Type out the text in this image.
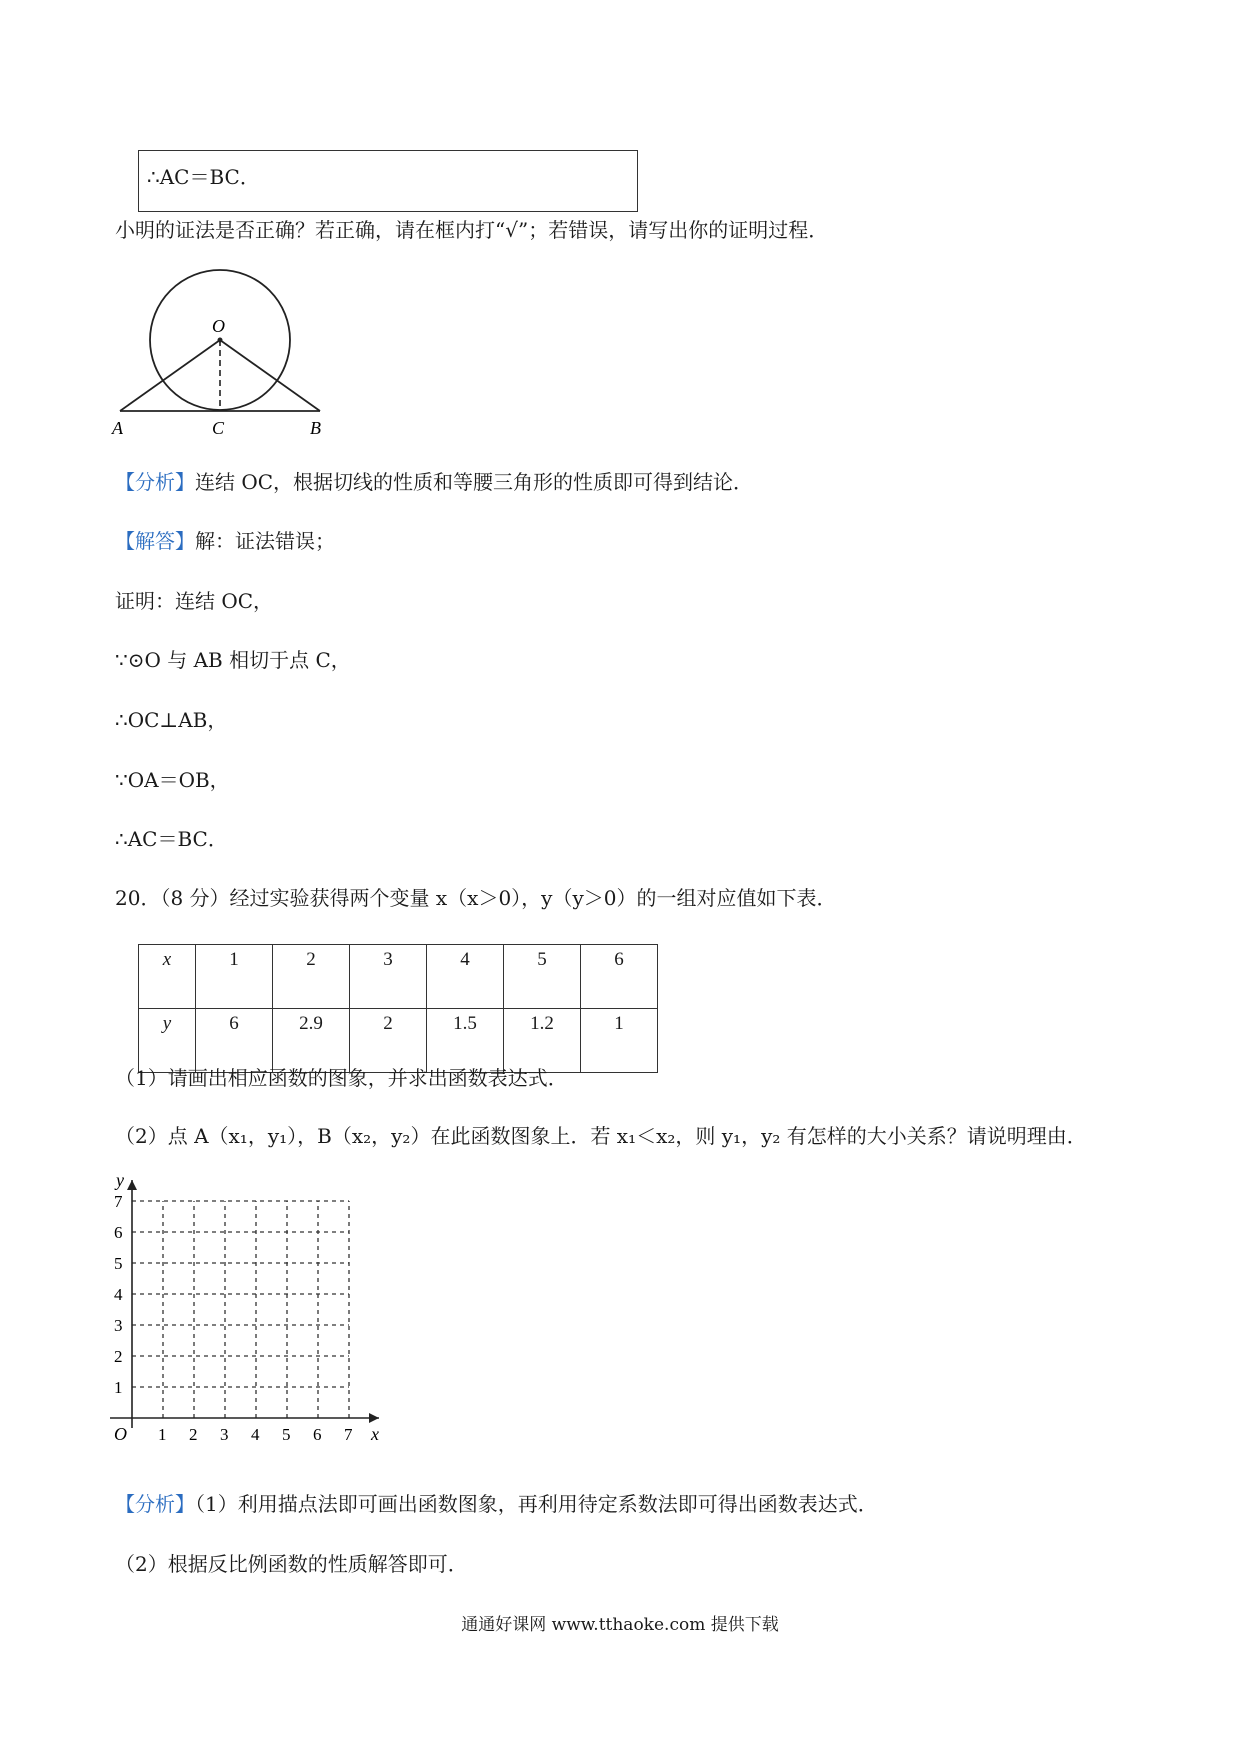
∴AC＝BC．
小明的证法是否正确？若正确，请在框内打“√”；若错误，请写出你的证明过程．
O
A	C	B
【分析】连结 OC，根据切线的性质和等腰三角形的性质即可得到结论．
【解答】解：证法错误；
证明：连结 OC，
∵⊙O 与 AB 相切于点 C，
∴OC⊥AB，
∵OA＝OB，
∴AC＝BC．
20．（8 分）经过实验获得两个变量 x（x＞0），y（y＞0）的一组对应值如下表．
x	1	2	3	4	5	6
y	6	2.9	2	1.5	1.2	1
（1）请画出相应函数的图象，并求出函数表达式．
（2）点 A（x₁，y₁），B（x₂，y₂）在此函数图象上．若 x₁＜x₂，则 y₁，y₂ 有怎样的大小关系？请说明理由．
1
1
2
2
3
3
4
4
5
5
6
6
7
7
O	x
y
【分析】（1）利用描点法即可画出函数图象，再利用待定系数法即可得出函数表达式．
（2）根据反比例函数的性质解答即可．
通通好课网 www.tthaoke.com 提供下载
